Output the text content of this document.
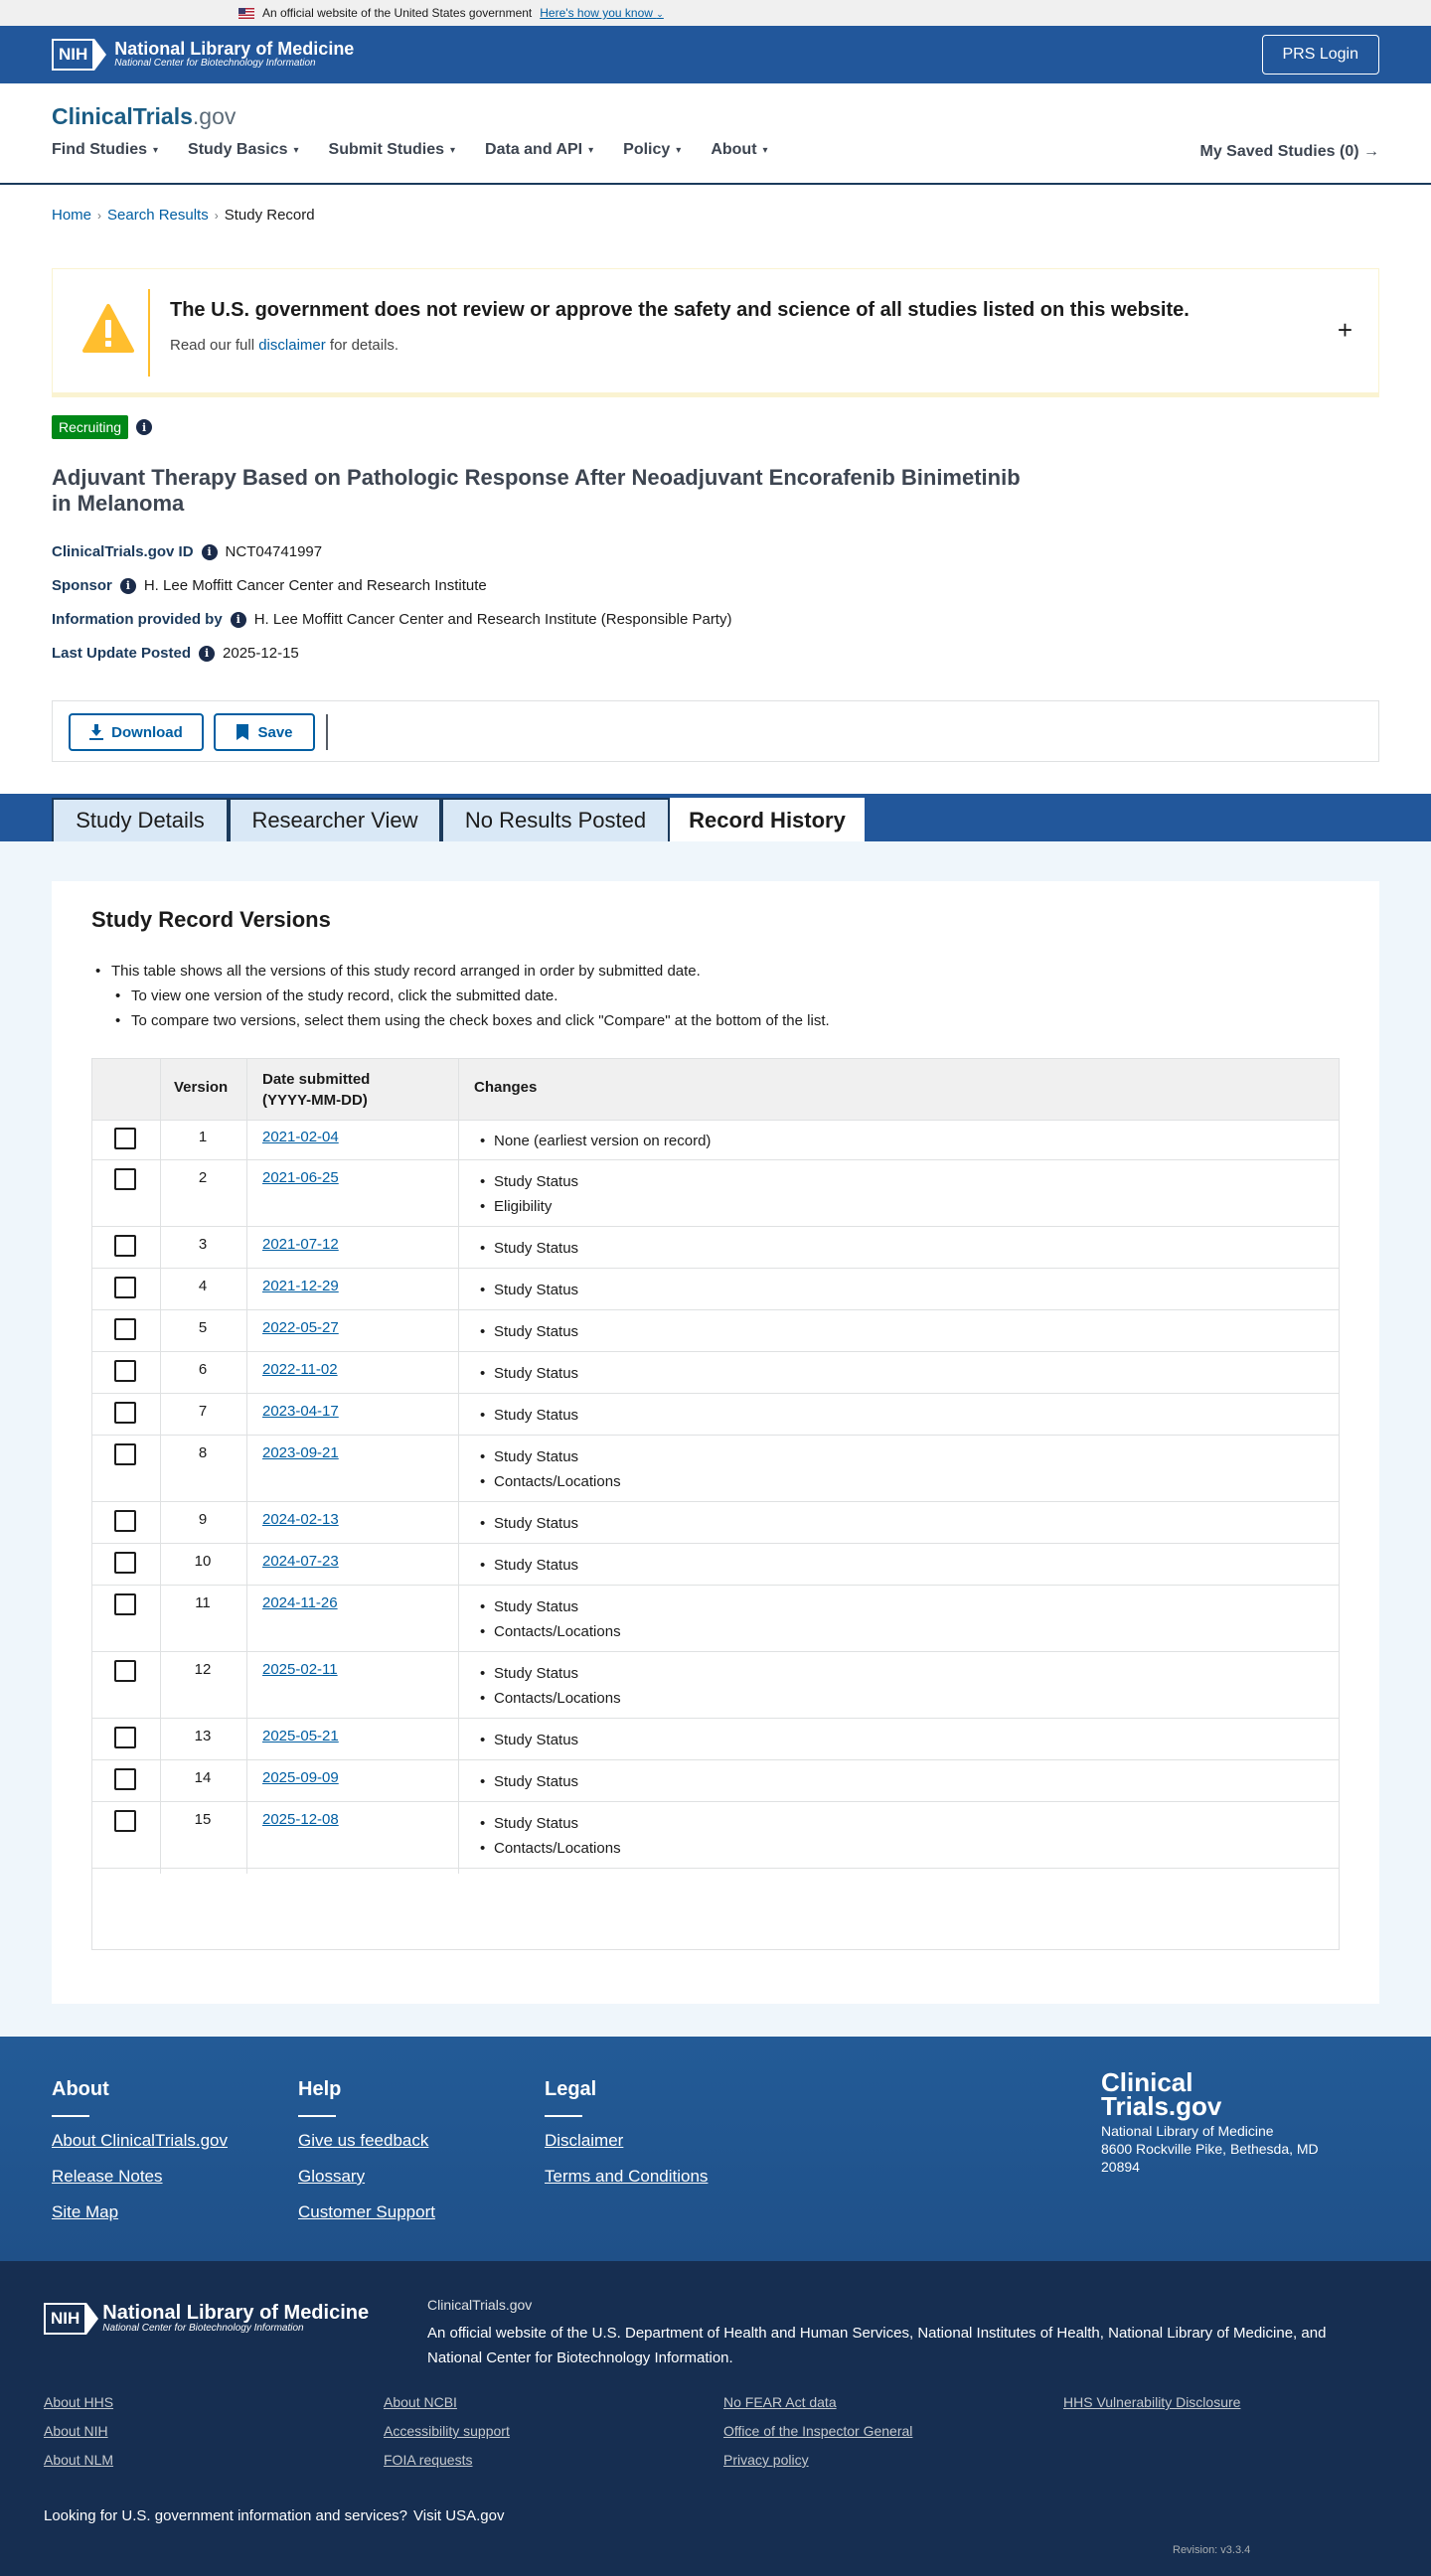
An official website of the United States government Here's how you know ⌄
NIH	National Library of Medicine
National Center for Biotechnology Information
PRS Login
ClinicalTrials.gov
Find Studies ▾ Study Basics ▾ Submit Studies ▾ Data and API ▾ Policy ▾ About ▾	My Saved Studies (0) →
Home › Search Results › Study Record
The U.S. government does not review or approve the safety and science of all studies listed on this website.
Read our full disclaimer for details.
+
Recruiting	i
Adjuvant Therapy Based on Pathologic Response After Neoadjuvant Encorafenib Binimetinib in Melanoma
ClinicalTrials.gov ID	i NCT04741997
Sponsor	i H. Lee Moffitt Cancer Center and Research Institute
Information provided by	i H. Lee Moffitt Cancer Center and Research Institute (Responsible Party)
Last Update Posted	i 2025-12-15
Download	Save
Study Details	Researcher View	No Results Posted	Record History
Study Record Versions
• This table shows all the versions of this study record arranged in order by submitted date.
• To view one version of the study record, click the submitted date.
• To compare two versions, select them using the check boxes and click "Compare" at the bottom of the list.
Version Date submitted
(YYYY-MM-DD)
Changes
1	2021-02-04	• None (earliest version on record)
2	2021-06-25	• Study Status
• Eligibility
3	2021-07-12	• Study Status
4	2021-12-29	• Study Status
5	2022-05-27	• Study Status
6	2022-11-02	• Study Status
7	2023-04-17	• Study Status
8	2023-09-21	• Study Status
• Contacts/Locations
9	2024-02-13	• Study Status
10	2024-07-23	• Study Status
11	2024-11-26	• Study Status
• Contacts/Locations
12	2025-02-11	• Study Status
• Contacts/Locations
13	2025-05-21	• Study Status
14	2025-09-09	• Study Status
15	2025-12-08	• Study Status
• Contacts/Locations
About
About ClinicalTrials.gov
Release Notes
Site Map
Help
Give us feedback
Glossary
Customer Support
Legal
Disclaimer
Terms and Conditions
Clinical
Trials.gov
National Library of Medicine
8600 Rockville Pike, Bethesda, MD
20894
NIH	National Library of Medicine
National Center for Biotechnology Information
ClinicalTrials.gov
An official website of the U.S. Department of Health and Human Services, National Institutes of Health, National Library of Medicine, and National Center for Biotechnology Information.
About HHS
About NIH
About NLM
About NCBI
Accessibility support
FOIA requests
No FEAR Act data
Office of the Inspector General
Privacy policy
HHS Vulnerability Disclosure
Looking for U.S. government information and services? Visit USA.gov
Revision: v3.3.4
